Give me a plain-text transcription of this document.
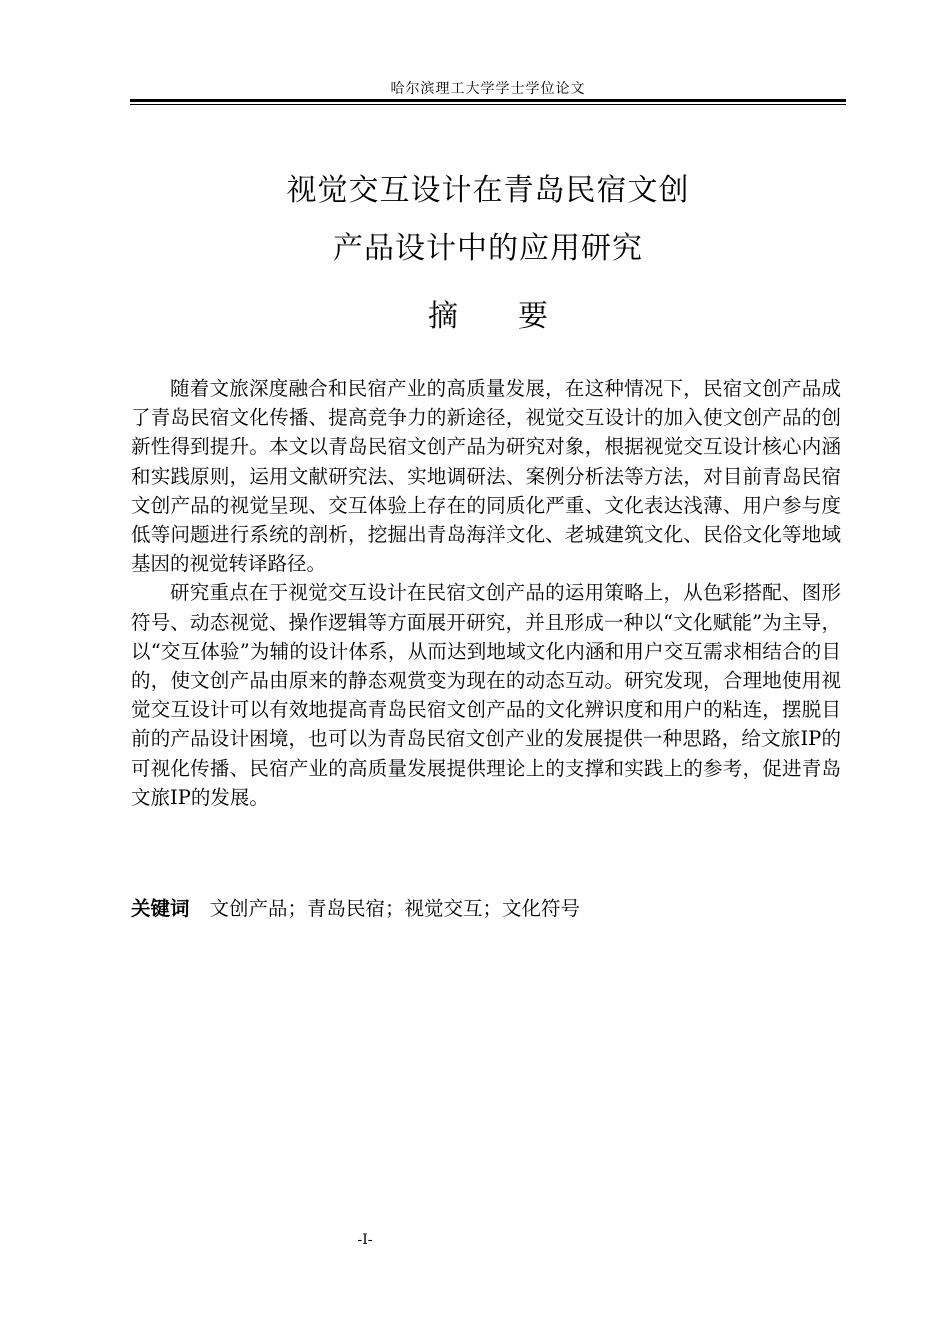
哈尔滨理工大学学士学位论文
视觉交互设计在青岛民宿文创
产品设计中的应用研究
摘要

随着文旅深度融合和民宿产业的高质量发展，在这种情况下，民宿文创产品成了青岛民宿文化传播、提高竞争力的新途径，视觉交互设计的加入使文创产品的创新性得到提升。本文以青岛民宿文创产品为研究对象，根据视觉交互设计核心内涵和实践原则，运用文献研究法、实地调研法、案例分析法等方法，对目前青岛民宿文创产品的视觉呈现、交互体验上存在的同质化严重、文化表达浅薄、用户参与度低等问题进行系统的剖析，挖掘出青岛海洋文化、老城建筑文化、民俗文化等地域基因的视觉转译路径。

研究重点在于视觉交互设计在民宿文创产品的运用策略上，从色彩搭配、图形符号、动态视觉、操作逻辑等方面展开研究，并且形成一种以“文化赋能”为主导，以“交互体验”为辅的设计体系，从而达到地域文化内涵和用户交互需求相结合的目的，使文创产品由原来的静态观赏变为现在的动态互动。研究发现，合理地使用视觉交互设计可以有效地提高青岛民宿文创产品的文化辨识度和用户的粘连，摆脱目前的产品设计困境，也可以为青岛民宿文创产业的发展提供一种思路，给文旅IP的可视化传播、民宿产业的高质量发展提供理论上的支撑和实践上的参考，促进青岛文旅IP的发展。

关键词 文创产品；青岛民宿；视觉交互；文化符号
-I-
